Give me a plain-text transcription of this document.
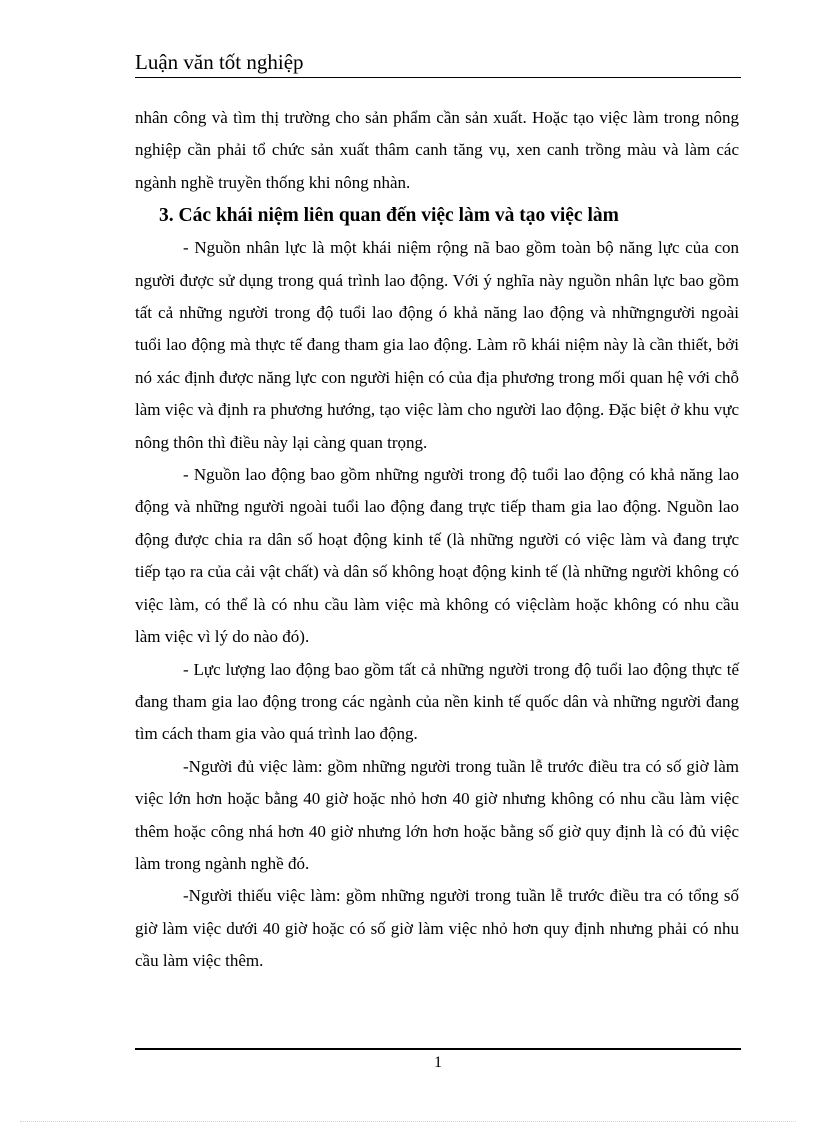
Luận văn tốt nghiệp

nhân công và tìm thị trường cho sản phẩm cần sản xuất. Hoặc tạo việc làm trong nông nghiệp cần phải tổ chức sản xuất thâm canh tăng vụ, xen canh trồng màu và làm các ngành nghề truyền thống khi nông nhàn.

3. Các khái niệm liên quan đến việc làm và tạo việc làm

- Nguồn nhân lực là một khái niệm rộng nã bao gồm toàn bộ năng lực của con người được sử dụng trong quá trình lao động. Với ý nghĩa này nguồn nhân lực bao gồm tất cả những người trong độ tuổi lao động ó khả năng lao động và nhữngngười ngoài tuổi lao động mà thực tế đang tham gia lao động. Làm rõ khái niệm này là cần thiết, bởi nó xác định được năng lực con người hiện có của địa phương trong mối quan hệ với chỗ làm việc và định ra phương hướng, tạo việc làm cho người lao động. Đặc biệt ở khu vực nông thôn thì điều này lại càng quan trọng.

- Nguồn lao động bao gồm những người trong độ tuổi lao động có khả năng lao động và những người ngoài tuổi lao động đang trực tiếp tham gia lao động. Nguồn lao động được chia ra dân số hoạt động kinh tế (là những người có việc làm và đang trực tiếp tạo ra của cải vật chất) và dân số không hoạt động kinh tế (là những người không có việc làm, có thể là có nhu cầu làm việc mà không có việclàm hoặc không có nhu cầu làm việc vì lý do nào đó).

- Lực lượng lao động bao gồm tất cả những người trong độ tuổi lao động thực tế đang tham gia lao động trong các ngành của nền kinh tế quốc dân và những người đang tìm cách tham gia vào quá trình lao động.

-Người đủ việc làm: gồm những người trong tuần lễ trước điều tra có số giờ làm việc lớn hơn hoặc bằng 40 giờ hoặc nhỏ hơn 40 giờ nhưng không có nhu cầu làm việc thêm hoặc công nhá hơn 40 giờ nhưng lớn hơn hoặc bằng số giờ quy định là có đủ việc làm trong ngành nghề đó.

-Người thiếu việc làm: gồm những người trong tuần lễ trước điều tra có tổng số giờ làm việc dưới 40 giờ hoặc có số giờ làm việc nhỏ hơn quy định nhưng phải có nhu cầu làm việc thêm.

1
